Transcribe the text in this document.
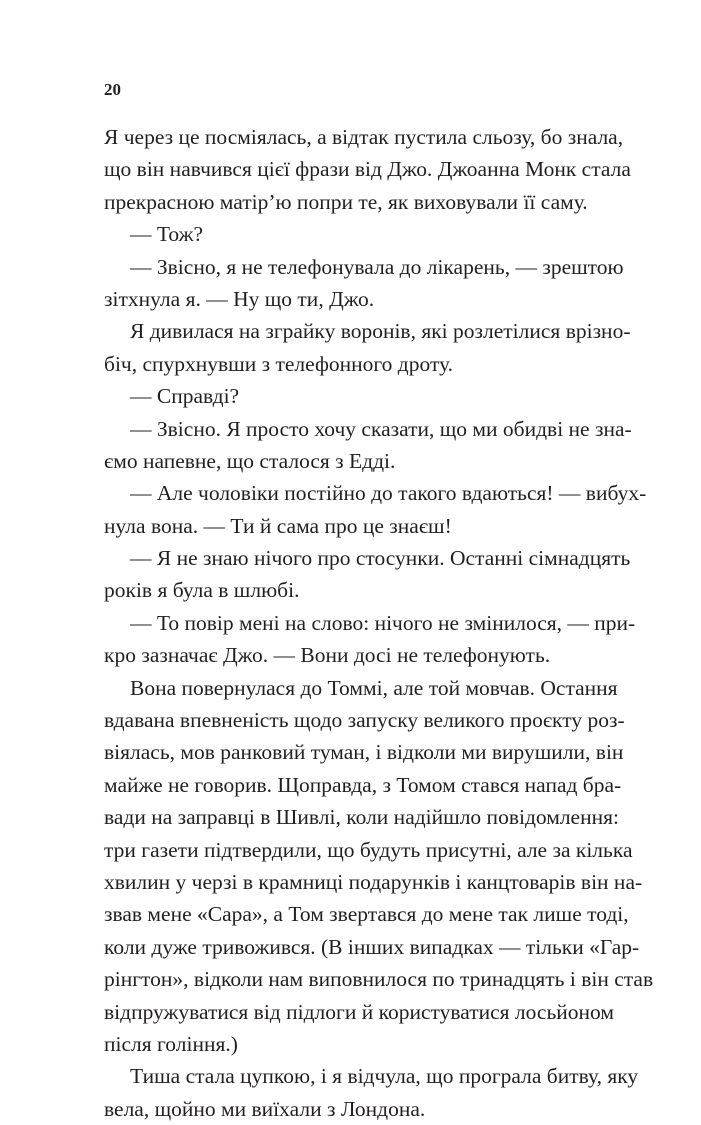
20
Я через це посміялась, а відтак пустила сльозу, бо знала,
що він навчився цієї фрази від Джо. Джоанна Монк стала
прекрасною матір’ю попри те, як виховували її саму.
— Тож?
— Звісно, я не телефонувала до лікарень, — зрештою
зітхнула я. — Ну що ти, Джо.
Я дивилася на зграйку воронів, які розлетілися врізно-
біч, спурхнувши з телефонного дроту.
— Справді?
— Звісно. Я просто хочу сказати, що ми обидві не зна-
ємо напевне, що сталося з Едді.
— Але чоловіки постійно до такого вдаються! — вибух-
нула вона. — Ти й сама про це знаєш!
— Я не знаю нічого про стосунки. Останні сімнадцять
років я була в шлюбі.
— То повір мені на слово: нічого не змінилося, — при-
кро зазначає Джо. — Вони досі не телефонують.
Вона повернулася до Томмі, але той мовчав. Остання
вдавана впевненість щодо запуску великого проєкту роз-
віялась, мов ранковий туман, і відколи ми вирушили, він
майже не говорив. Щоправда, з Томом стався напад бра-
вади на заправці в Шивлі, коли надійшло повідомлення:
три газети підтвердили, що будуть присутні, але за кілька
хвилин у черзі в крамниці подарунків і канцтоварів він на-
звав мене «Сара», а Том звертався до мене так лише тоді,
коли дуже тривожився. (В інших випадках — тільки «Гар-
рінгтон», відколи нам виповнилося по тринадцять і він став
відпружуватися від підлоги й користуватися лосьйоном
після гоління.)
Тиша стала цупкою, і я відчула, що програла битву, яку
вела, щойно ми виїхали з Лондона.
